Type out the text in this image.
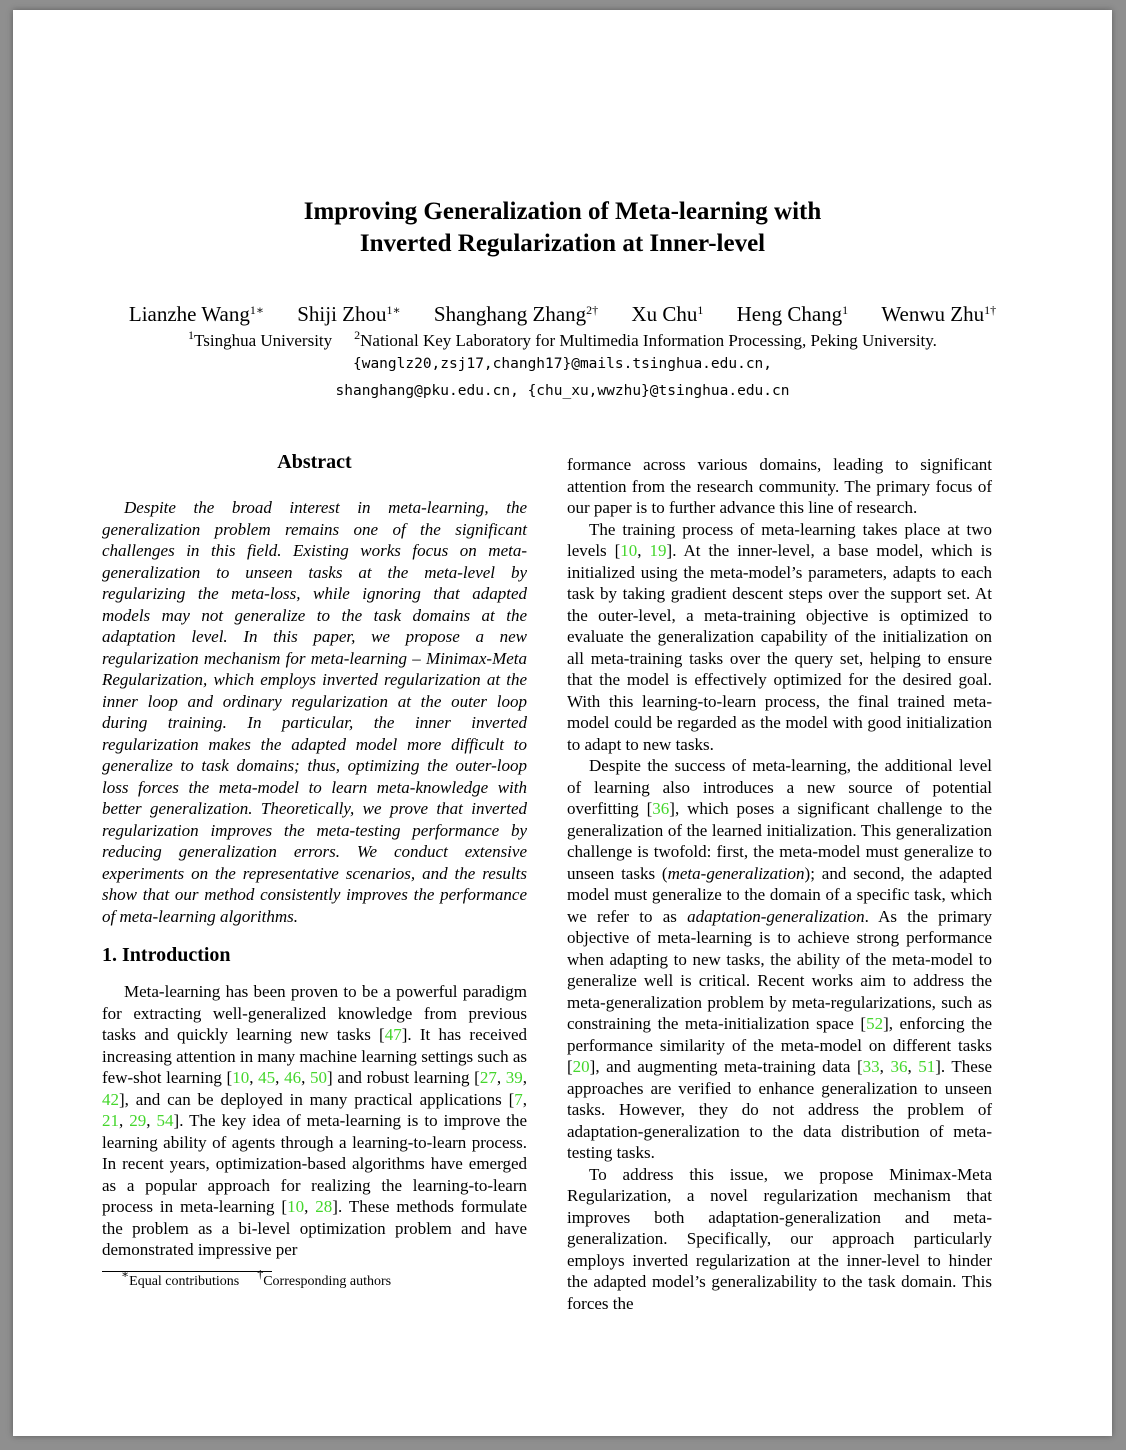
Improving Generalization of Meta-learning with
Inverted Regularization at Inner-level
Lianzhe Wang$^{1∗}$ Shiji Zhou$^{1∗}$ Shanghang Zhang$^{2\dagger}$ Xu Chu$^1$ Heng Chang$^1$ Wenwu Zhu$^{1\dagger}$
$^1$Tsinghua University $^2$National Key Laboratory for Multimedia Information Processing, Peking University.
{wanglz20,zsj17,changh17}@mails.tsinghua.edu.cn,
shanghang@pku.edu.cn, {chu_xu,wwzhu}@tsinghua.edu.cn
Abstract

Despite the broad interest in meta-learning, the generalization problem remains one of the significant challenges in this field. Existing works focus on meta-generalization to unseen tasks at the meta-level by regularizing the meta-loss, while ignoring that adapted models may not generalize to the task domains at the adaptation level. In this paper, we propose a new regularization mechanism for meta-learning – Minimax-Meta Regularization, which employs inverted regularization at the inner loop and ordinary regularization at the outer loop during training. In particular, the inner inverted regularization makes the adapted model more difficult to generalize to task domains; thus, optimizing the outer-loop loss forces the meta-model to learn meta-knowledge with better generalization. Theoretically, we prove that inverted regularization improves the meta-testing performance by reducing generalization errors. We conduct extensive experiments on the representative scenarios, and the results show that our method consistently improves the performance of meta-learning algorithms.

1. Introduction

Meta-learning has been proven to be a powerful paradigm for extracting well-generalized knowledge from previous tasks and quickly learning new tasks [47]. It has received increasing attention in many machine learning settings such as few-shot learning [10, 45, 46, 50] and robust learning [27, 39, 42], and can be deployed in many practical applications [7, 21, 29, 54]. The key idea of meta-learning is to improve the learning ability of agents through a learning-to-learn process. In recent years, optimization-based algorithms have emerged as a popular approach for realizing the learning-to-learn process in meta-learning [10, 28]. These methods formulate the problem as a bi-level optimization problem and have demonstrated impressive per

∗Equal contributions †Corresponding authors

formance across various domains, leading to significant attention from the research community. The primary focus of our paper is to further advance this line of research.

The training process of meta-learning takes place at two levels [10, 19]. At the inner-level, a base model, which is initialized using the meta-model’s parameters, adapts to each task by taking gradient descent steps over the support set. At the outer-level, a meta-training objective is optimized to evaluate the generalization capability of the initialization on all meta-training tasks over the query set, helping to ensure that the model is effectively optimized for the desired goal. With this learning-to-learn process, the final trained meta-model could be regarded as the model with good initialization to adapt to new tasks.

Despite the success of meta-learning, the additional level of learning also introduces a new source of potential overfitting [36], which poses a significant challenge to the generalization of the learned initialization. This generalization challenge is twofold: first, the meta-model must generalize to unseen tasks (meta-generalization); and second, the adapted model must generalize to the domain of a specific task, which we refer to as adaptation-generalization. As the primary objective of meta-learning is to achieve strong performance when adapting to new tasks, the ability of the meta-model to generalize well is critical. Recent works aim to address the meta-generalization problem by meta-regularizations, such as constraining the meta-initialization space [52], enforcing the performance similarity of the meta-model on different tasks [20], and augmenting meta-training data [33, 36, 51]. These approaches are verified to enhance generalization to unseen tasks. However, they do not address the problem of adaptation-generalization to the data distribution of meta-testing tasks.

To address this issue, we propose Minimax-Meta Regularization, a novel regularization mechanism that improves both adaptation-generalization and meta-generalization. Specifically, our approach particularly employs inverted regularization at the inner-level to hinder the adapted model’s generalizability to the task domain. This forces the
